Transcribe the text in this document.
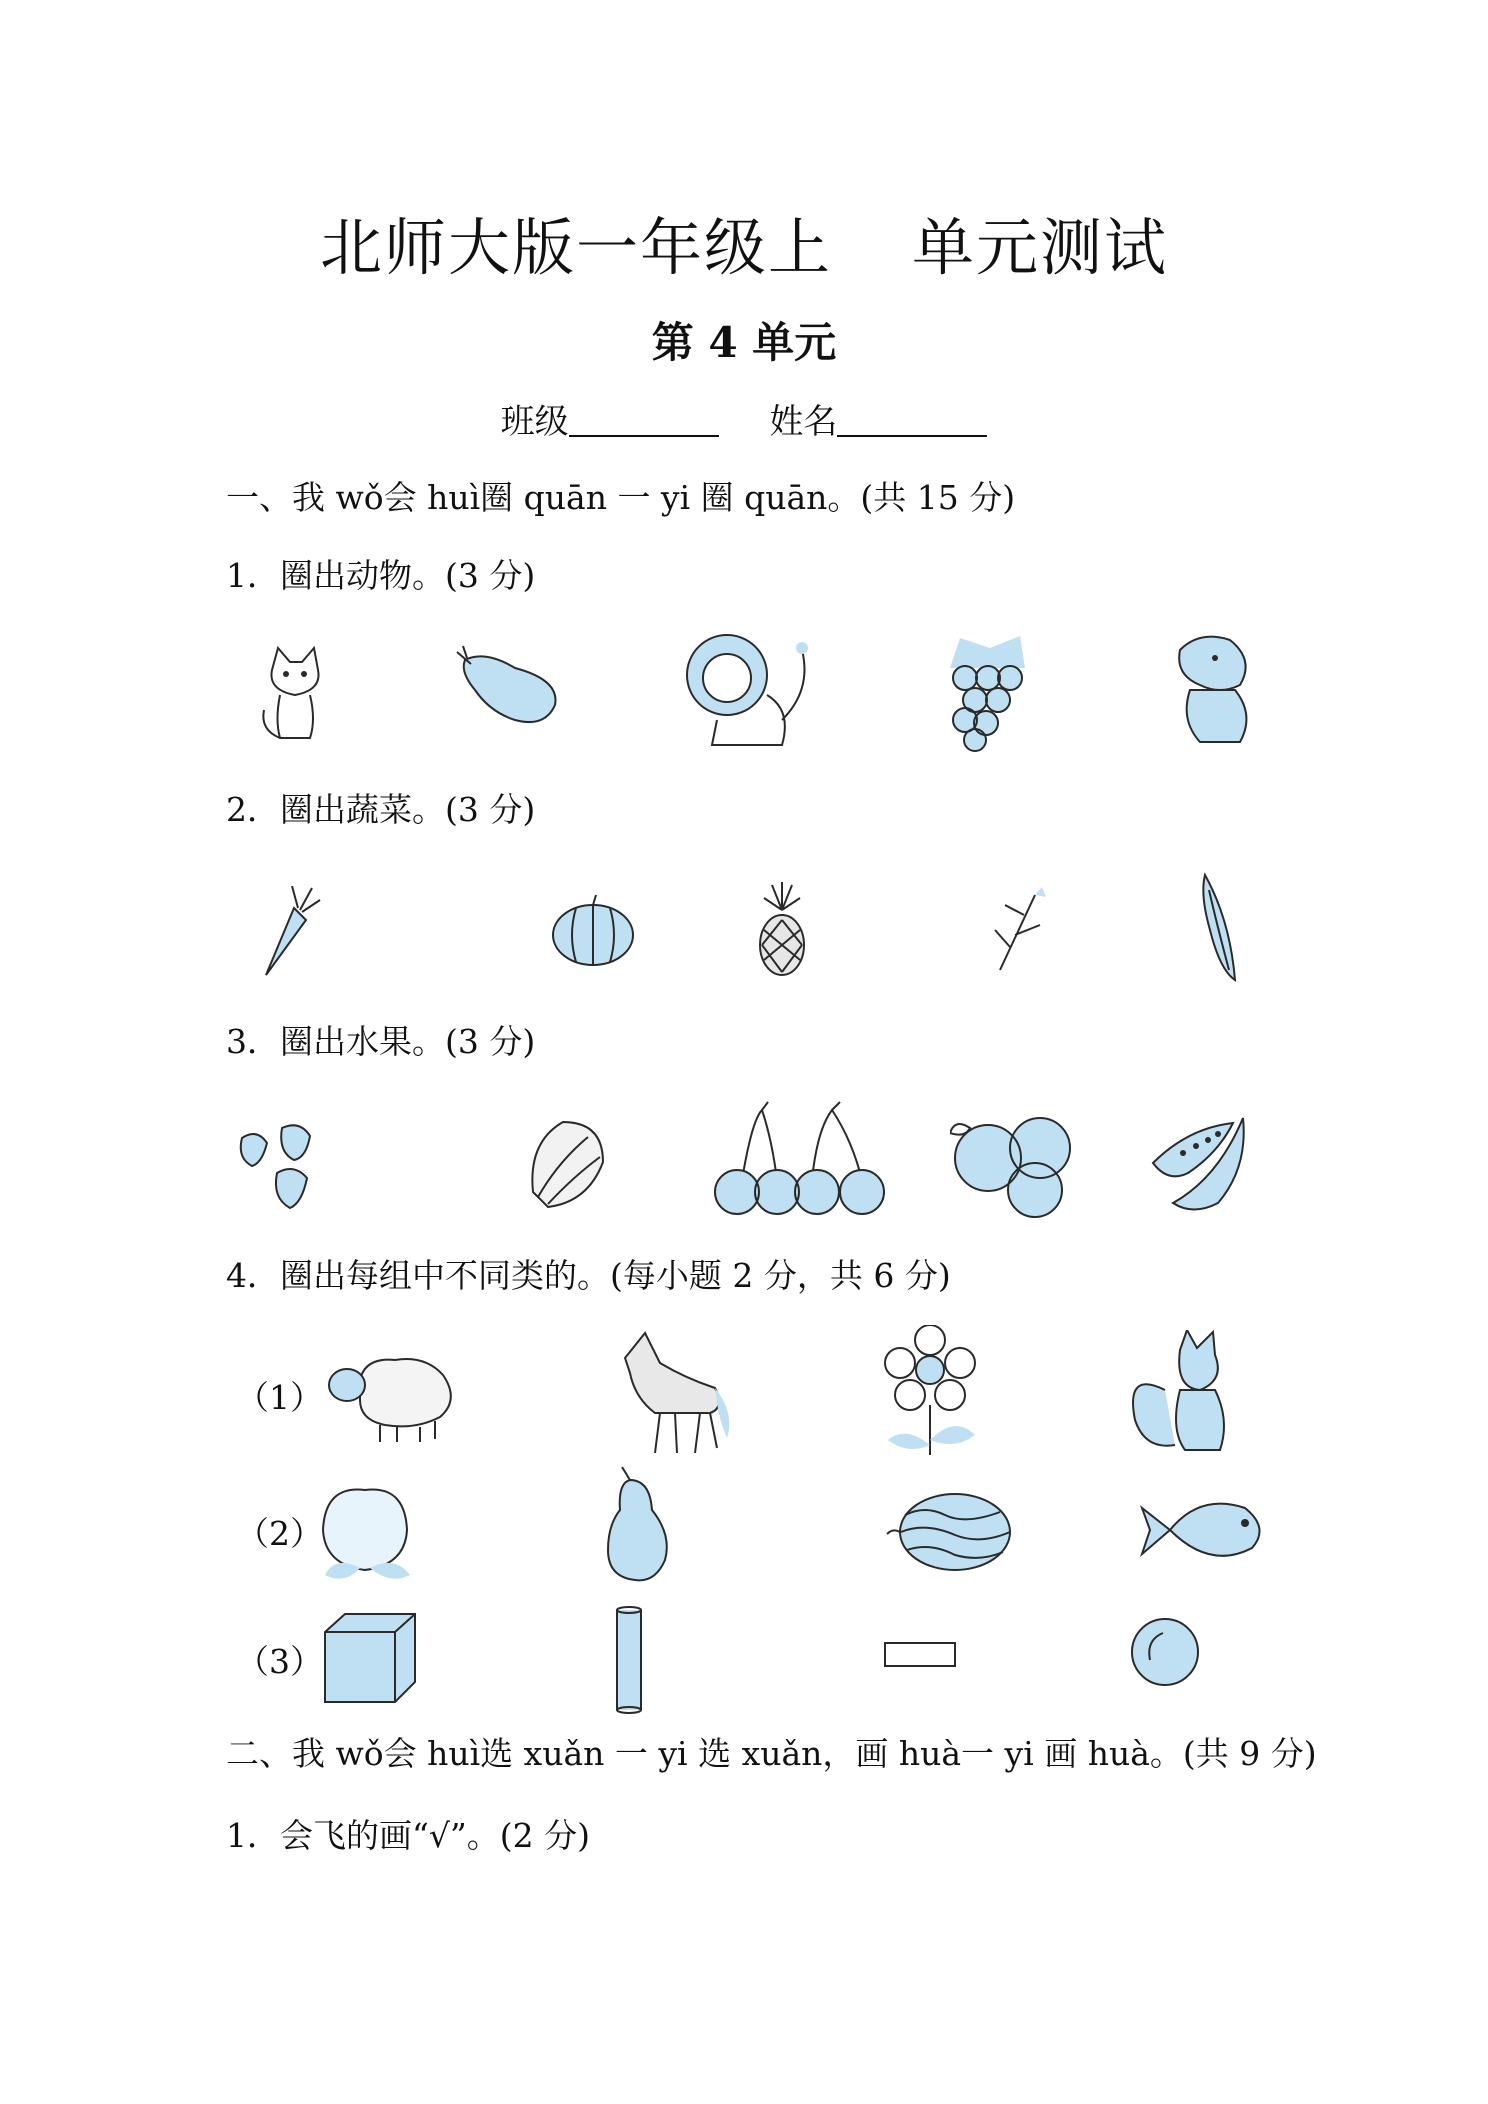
北师大版一年级上 单元测试
第 4 单元
班级	姓名
一、我 wǒ会 huì圈 quān 一 yi 圈 quān。(共 15 分)
1．圈出动物。(3 分)
2．圈出蔬菜。(3 分)
3．圈出水果。(3 分)
4．圈出每组中不同类的。(每小题 2 分，共 6 分)
（1）
（2）
（3）
二、我 wǒ会 huì选 xuǎn 一 yi 选 xuǎn，画 huà一 yi 画 huà。(共 9 分)
1．会飞的画“√”。(2 分)
